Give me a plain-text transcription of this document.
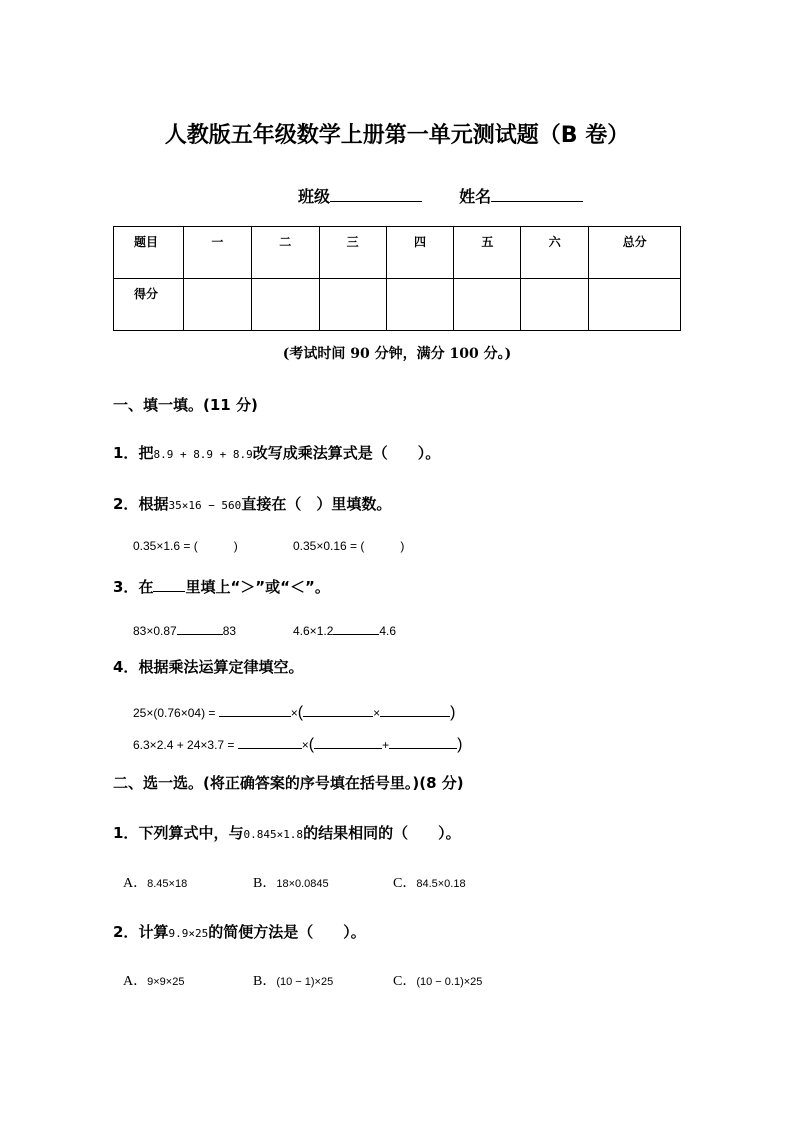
人教版五年级数学上册第一单元测试题（B 卷）
班级	姓名
题目	一	二	三	四	五	六	总分
得分							
(考试时间 90 分钟，满分 100 分。)
一、填一填。(11 分)
1．把8.9 + 8.9 + 8.9改写成乘法算式是（　　）。
2．根据35×16 − 560直接在（　）里填数。
0.35×1.6 = (	)	0.35×0.16 = (	)
3．在 里填上“＞”或“＜”。
83×0.87	83	4.6×1.2	4.6
4．根据乘法运算定律填空。
25×(0.76×04) =	×(	×	)
6.3×2.4 + 24×3.7 =	×(	+	)
二、选一选。(将正确答案的序号填在括号里。)(8 分)
1．下列算式中，与0.845×1.8的结果相同的（　　）。
A．8.45×18	B．18×0.0845	C．84.5×0.18
2．计算9.9×25的简便方法是（　　）。
A．9×9×25	B．(10 − 1)×25	C．(10 − 0.1)×25
